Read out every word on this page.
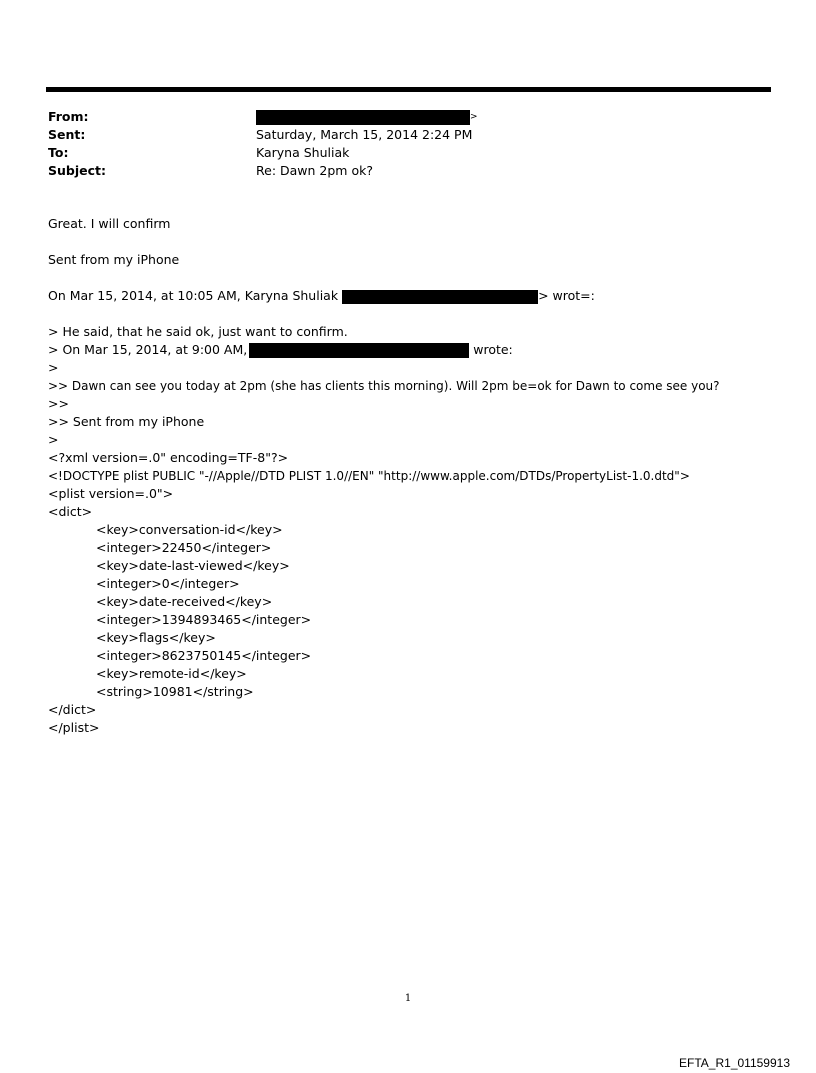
From:	>
Sent:	Saturday, March 15, 2014 2:24 PM
To:	Karyna Shuliak
Subject:	Re: Dawn 2pm ok?
Great. I will confirm
Sent from my iPhone
On Mar 15, 2014, at 10:05 AM, Karyna Shuliak	> wrot=:
> He said, that he said ok, just want to confirm.
> On Mar 15, 2014, at 9:00 AM,	wrote:
>
>> Dawn can see you today at 2pm (she has clients this morning). Will 2pm be=ok for Dawn to come see you?
>>
>> Sent from my iPhone
>
<?xml version=.0" encoding=TF-8"?>
<!DOCTYPE plist PUBLIC "-//Apple//DTD PLIST 1.0//EN" "http://www.apple.com/DTDs/PropertyList-1.0.dtd">
<plist version=.0">
<dict>
<key>conversation-id</key>
<integer>22450</integer>
<key>date-last-viewed</key>
<integer>0</integer>
<key>date-received</key>
<integer>1394893465</integer>
<key>flags</key>
<integer>8623750145</integer>
<key>remote-id</key>
<string>10981</string>
</dict>
</plist>
1
EFTA_R1_01159913
